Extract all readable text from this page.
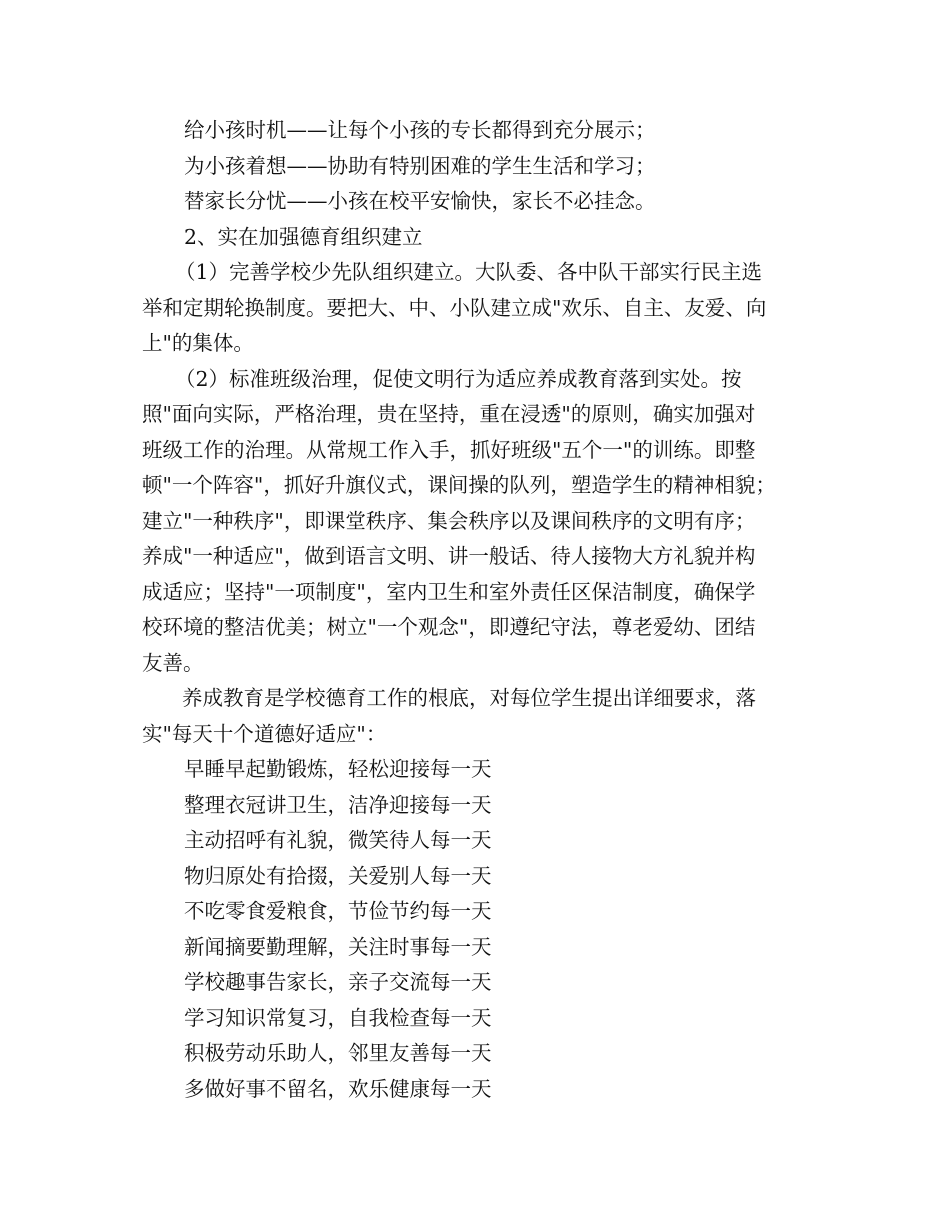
给小孩时机——让每个小孩的专长都得到充分展示；
为小孩着想——协助有特别困难的学生生活和学习；
替家长分忧——小孩在校平安愉快，家长不必挂念。
2、实在加强德育组织建立
（1）完善学校少先队组织建立。大队委、各中队干部实行民主选
举和定期轮换制度。要把大、中、小队建立成"欢乐、自主、友爱、向
上"的集体。
（2）标准班级治理，促使文明行为适应养成教育落到实处。按
照"面向实际，严格治理，贵在坚持，重在浸透"的原则，确实加强对
班级工作的治理。从常规工作入手，抓好班级"五个一"的训练。即整
顿"一个阵容"，抓好升旗仪式，课间操的队列，塑造学生的精神相貌；
建立"一种秩序"，即课堂秩序、集会秩序以及课间秩序的文明有序；
养成"一种适应"，做到语言文明、讲一般话、待人接物大方礼貌并构
成适应；坚持"一项制度"，室内卫生和室外责任区保洁制度，确保学
校环境的整洁优美；树立"一个观念"，即遵纪守法，尊老爱幼、团结
友善。
养成教育是学校德育工作的根底，对每位学生提出详细要求，落
实"每天十个道德好适应"：
早睡早起勤锻炼，轻松迎接每一天
整理衣冠讲卫生，洁净迎接每一天
主动招呼有礼貌，微笑待人每一天
物归原处有拾掇，关爱别人每一天
不吃零食爱粮食，节俭节约每一天
新闻摘要勤理解，关注时事每一天
学校趣事告家长，亲子交流每一天
学习知识常复习，自我检查每一天
积极劳动乐助人，邻里友善每一天
多做好事不留名，欢乐健康每一天
